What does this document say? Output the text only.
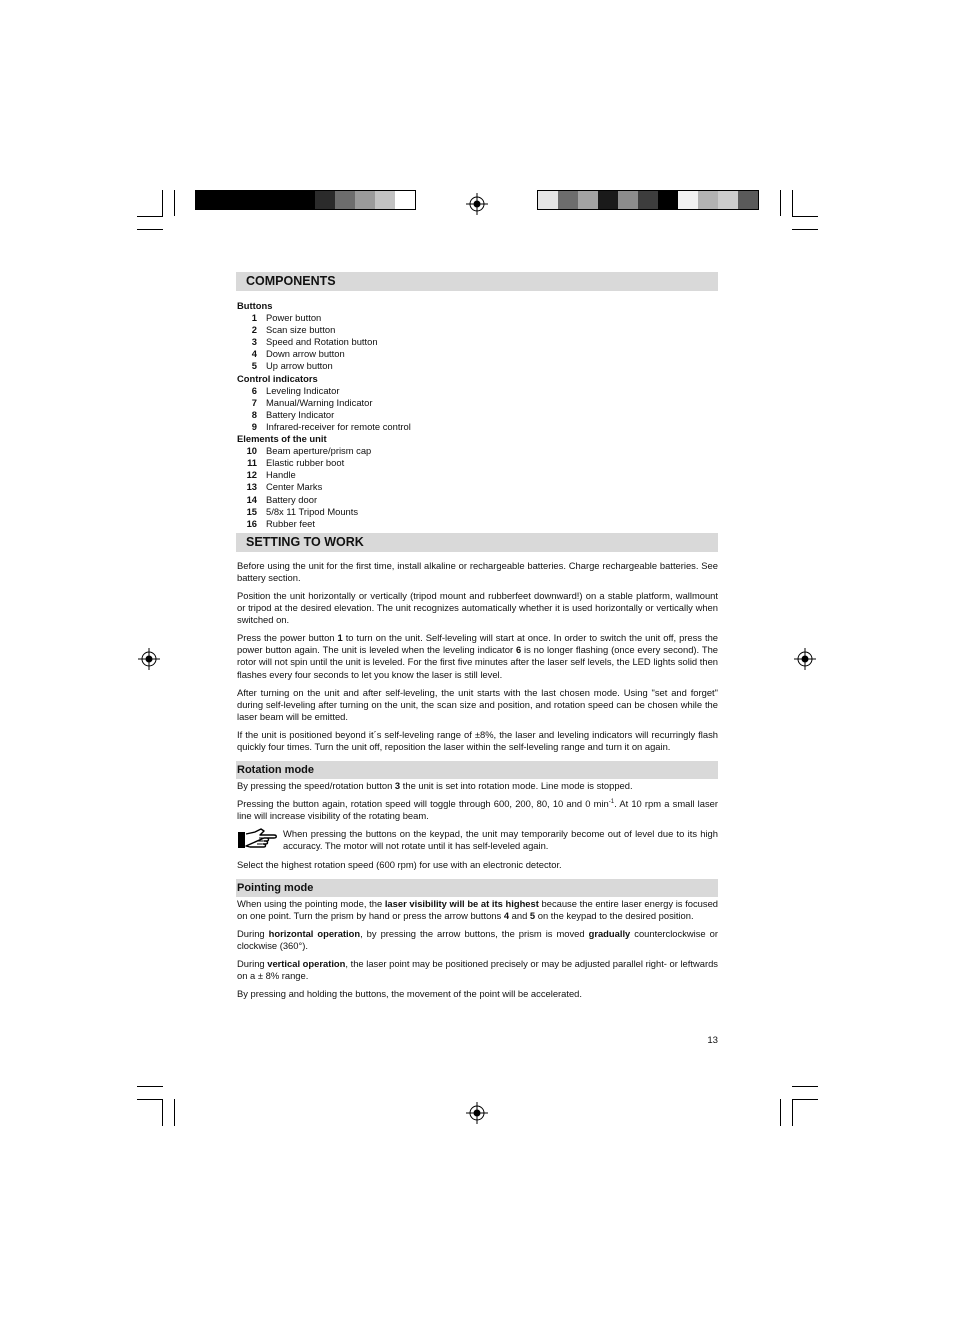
COMPONENTS
Buttons
1 Power button
2 Scan size button
3 Speed and Rotation button
4 Down arrow button
5 Up arrow button
Control indicators
6 Leveling Indicator
7 Manual/Warning Indicator
8 Battery Indicator
9 Infrared-receiver for remote control
Elements of the unit
10 Beam aperture/prism cap
11 Elastic rubber boot
12 Handle
13 Center Marks
14 Battery door
15 5/8x 11 Tripod Mounts
16 Rubber feet
SETTING TO WORK

Before using the unit for the first time, install alkaline or rechargeable batteries. Charge rechargeable batteries. See battery section.

Position the unit horizontally or vertically (tripod mount and rubberfeet downward!) on a stable platform, wallmount or tripod at the desired elevation. The unit recognizes automatically whether it is used horizontally or vertically when switched on.

Press the power button 1 to turn on the unit. Self-leveling will start at once. In order to switch the unit off, press the power button again. The unit is leveled when the leveling indicator 6 is no longer flashing (once every second). The rotor will not spin until the unit is leveled. For the first five minutes after the laser self levels, the LED lights solid then flashes every four seconds to let you know the laser is still level.

After turning on the unit and after self-leveling, the unit starts with the last chosen mode. Using "set and forget" during self-leveling after turning on the unit, the scan size and position, and rotation speed can be chosen while the laser beam will be emitted.

If the unit is positioned beyond it´s self-leveling range of ±8%, the laser and leveling indicators will recurringly flash quickly four times. Turn the unit off, reposition the laser within the self-leveling range and turn it on again.

Rotation mode

By pressing the speed/rotation button 3 the unit is set into rotation mode. Line mode is stopped.

Pressing the button again, rotation speed will toggle through 600, 200, 80, 10 and 0 $\min^{-1}$. At 10 rpm a small laser line will increase visibility of the rotating beam.

When pressing the buttons on the keypad, the unit may temporarily become out of level due to its high accuracy. The motor will not rotate until it has self-leveled again.

Select the highest rotation speed (600 rpm) for use with an electronic detector.

Pointing mode

When using the pointing mode, the laser visibility will be at its highest because the entire laser energy is focused on one point. Turn the prism by hand or press the arrow buttons 4 and 5 on the keypad to the desired position.

During horizontal operation, by pressing the arrow buttons, the prism is moved gradually counterclockwise or clockwise (360°).

During vertical operation, the laser point may be positioned precisely or may be adjusted parallel right- or leftwards on a ± 8% range.

By pressing and holding the buttons, the movement of the point will be accelerated.

13
